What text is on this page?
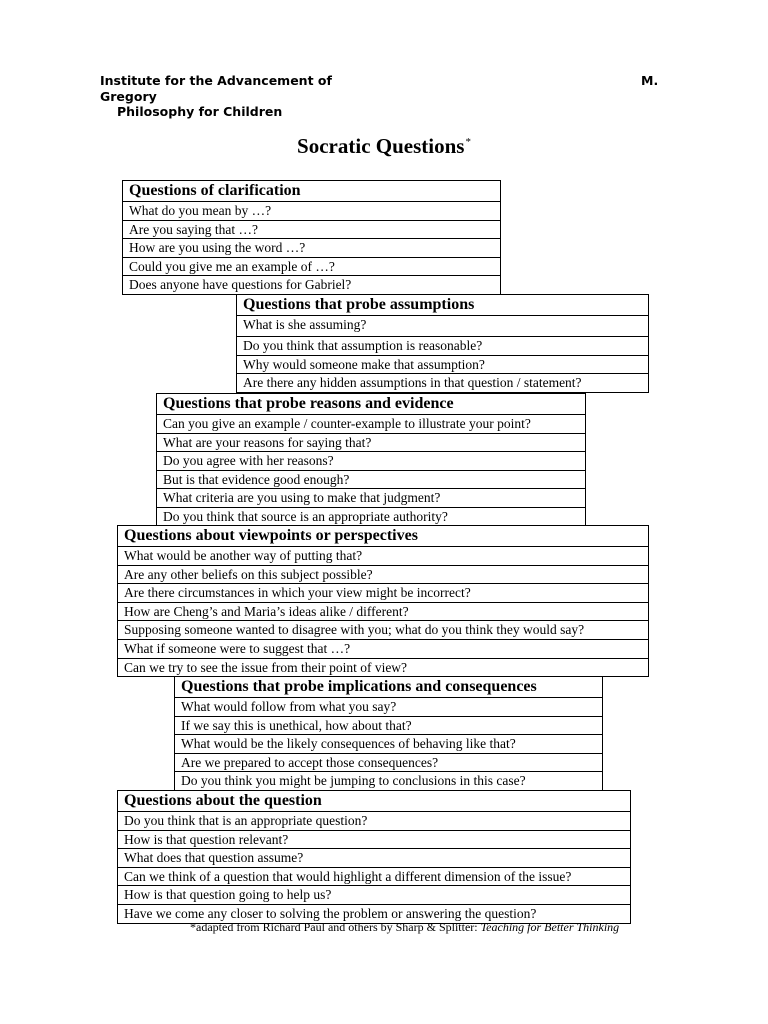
Institute for the Advancement of	M.
Gregory
Philosophy for Children
Socratic Questions*
Questions of clarification
What do you mean by …?
Are you saying that …?
How are you using the word …?
Could you give me an example of …?
Does anyone have questions for Gabriel?
Questions that probe assumptions
What is she assuming?
Do you think that assumption is reasonable?
Why would someone make that assumption?
Are there any hidden assumptions in that question / statement?
Questions that probe reasons and evidence
Can you give an example / counter-example to illustrate your point?
What are your reasons for saying that?
Do you agree with her reasons?
But is that evidence good enough?
What criteria are you using to make that judgment?
Do you think that source is an appropriate authority?
Questions about viewpoints or perspectives
What would be another way of putting that?
Are any other beliefs on this subject possible?
Are there circumstances in which your view might be incorrect?
How are Cheng’s and Maria’s ideas alike / different?
Supposing someone wanted to disagree with you; what do you think they would say?
What if someone were to suggest that …?
Can we try to see the issue from their point of view?
Questions that probe implications and consequences
What would follow from what you say?
If we say this is unethical, how about that?
What would be the likely consequences of behaving like that?
Are we prepared to accept those consequences?
Do you think you might be jumping to conclusions in this case?
Questions about the question
Do you think that is an appropriate question?
How is that question relevant?
What does that question assume?
Can we think of a question that would highlight a different dimension of the issue?
How is that question going to help us?
Have we come any closer to solving the problem or answering the question?
*adapted from Richard Paul and others by Sharp & Splitter: Teaching for Better Thinking
